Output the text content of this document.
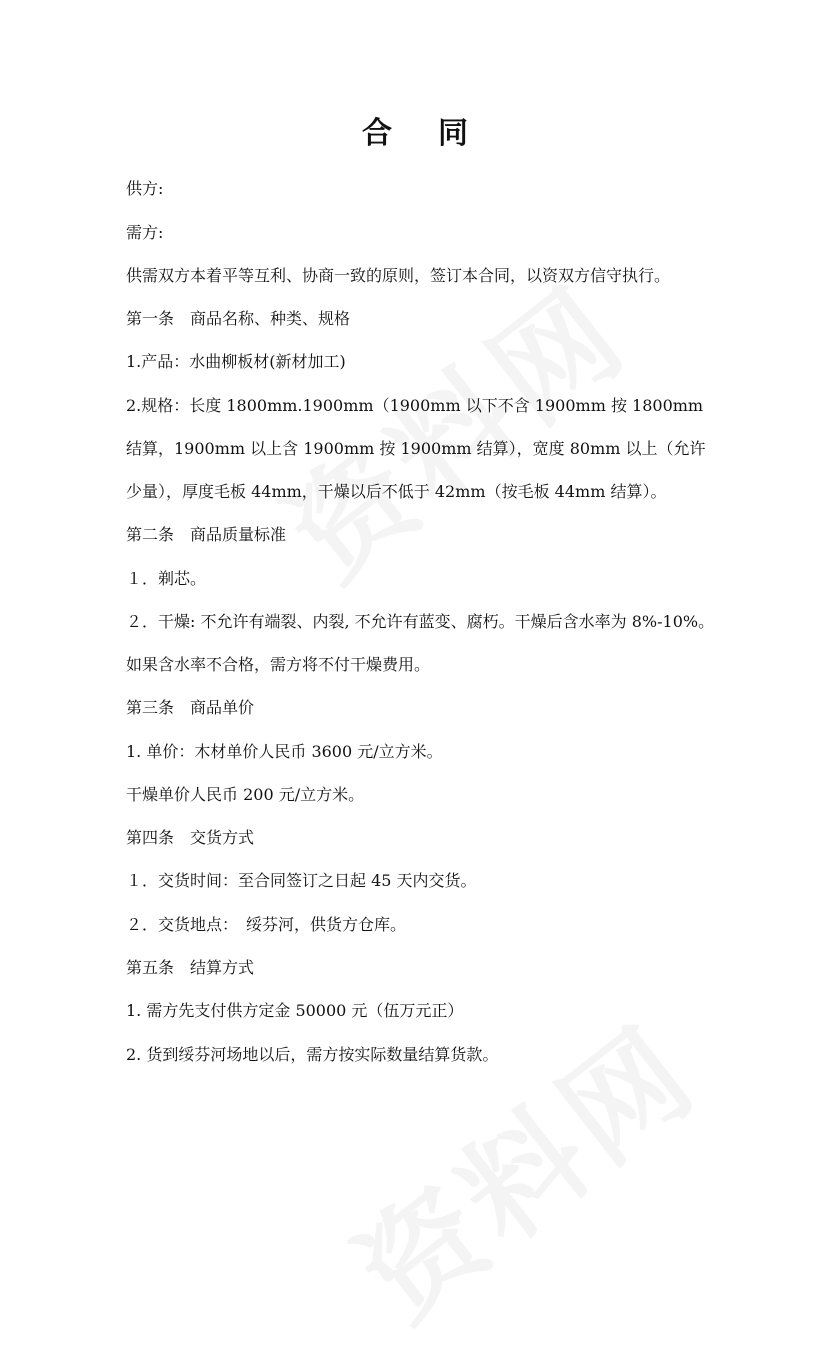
合同
供方:
需方:
供需双方本着平等互利、协商一致的原则，签订本合同，以资双方信守执行。
第一条　商品名称、种类、规格
1.产品：水曲柳板材(新材加工)
2.规格：长度 1800mm.1900mm（1900mm 以下不含 1900mm 按 1800mm
结算，1900mm 以上含 1900mm 按 1900mm 结算），宽度 80mm 以上（允许
少量），厚度毛板 44mm，干燥以后不低于 42mm（按毛板 44mm 结算）。
第二条　商品质量标准
１．剃芯。
２．干燥: 不允许有端裂、内裂, 不允许有蓝变、腐朽。干燥后含水率为 8%-10%。
如果含水率不合格，需方将不付干燥费用。
第三条　商品单价
1. 单价：木材单价人民币 3600 元/立方米。
干燥单价人民币 200 元/立方米。
第四条　交货方式
１．交货时间：至合同签订之日起 45 天内交货。
２．交货地点：　绥芬河，供货方仓库。
第五条　结算方式
1. 需方先支付供方定金 50000 元（伍万元正）
2. 货到绥芬河场地以后，需方按实际数量结算货款。
